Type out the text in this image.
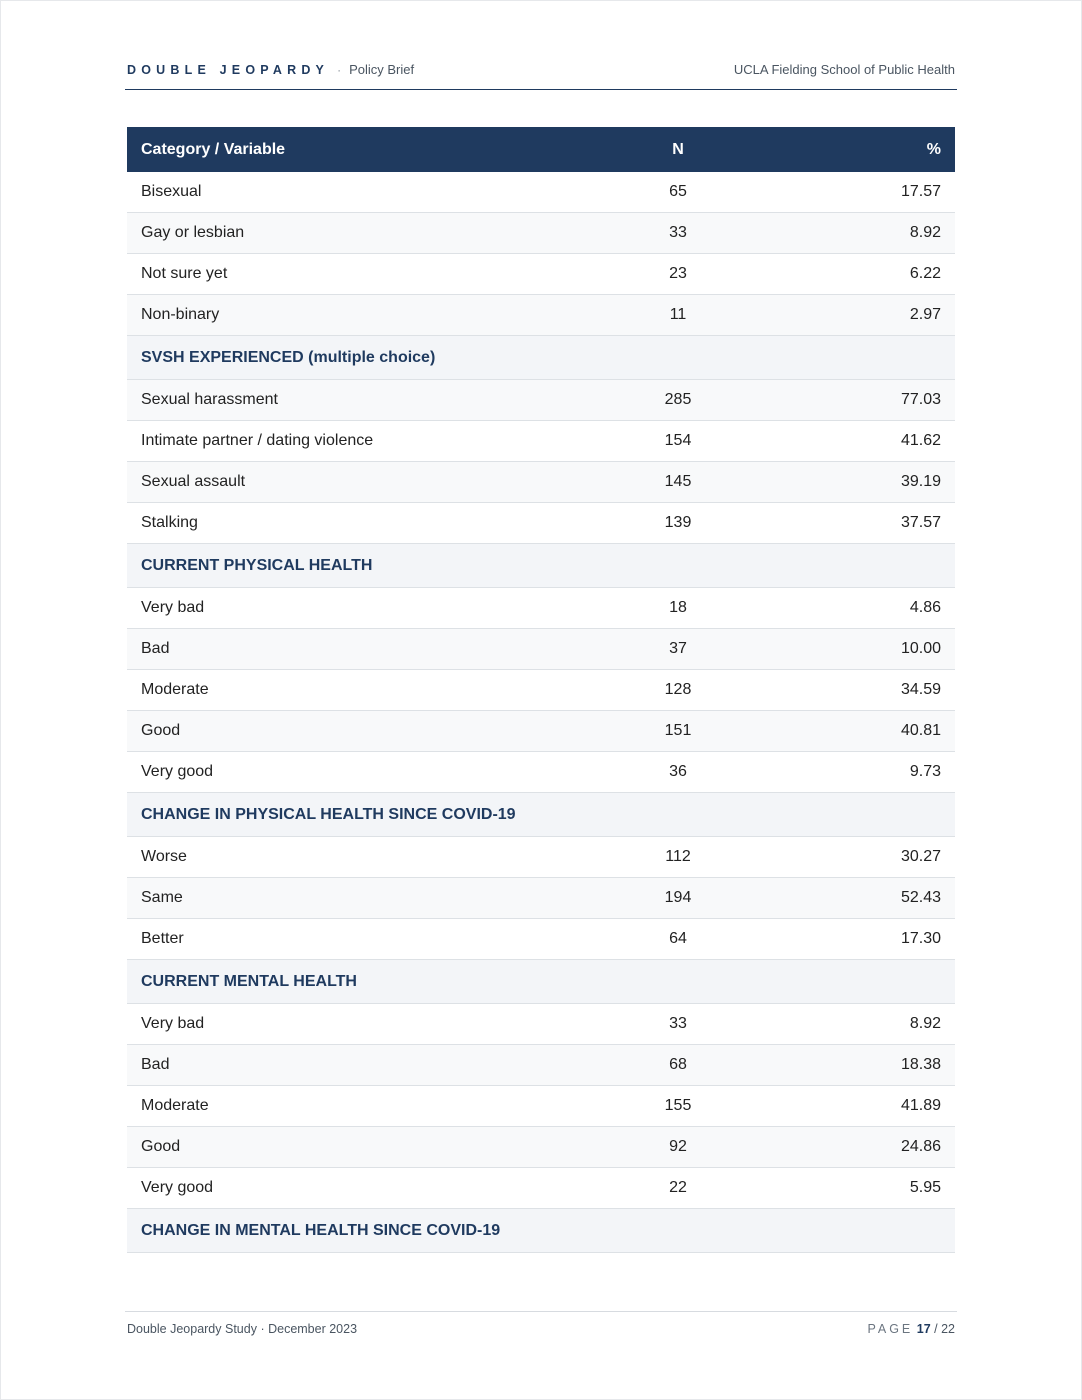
DOUBLE JEOPARDY · Policy Brief	UCLA Fielding School of Public Health
Category / Variable	N	%
Bisexual	65	17.57
Gay or lesbian	33	8.92
Not sure yet	23	6.22
Non-binary	11	2.97
SVSH EXPERIENCED (multiple choice)		
Sexual harassment	285	77.03
Intimate partner / dating violence	154	41.62
Sexual assault	145	39.19
Stalking	139	37.57
CURRENT PHYSICAL HEALTH		
Very bad	18	4.86
Bad	37	10.00
Moderate	128	34.59
Good	151	40.81
Very good	36	9.73
CHANGE IN PHYSICAL HEALTH SINCE COVID-19		
Worse	112	30.27
Same	194	52.43
Better	64	17.30
CURRENT MENTAL HEALTH		
Very bad	33	8.92
Bad	68	18.38
Moderate	155	41.89
Good	92	24.86
Very good	22	5.95
CHANGE IN MENTAL HEALTH SINCE COVID-19		
Double Jeopardy Study · December 2023	PAGE 17 / 22
